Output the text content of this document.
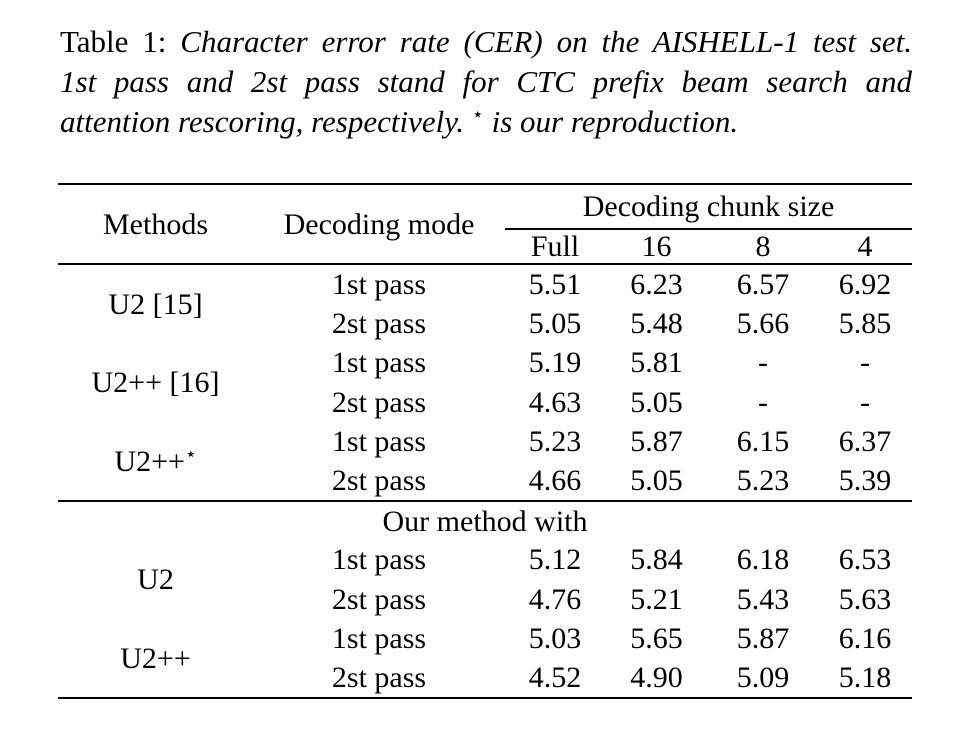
Table 1: Character error rate (CER) on the AISHELL-1 test set.
1st pass and 2st pass stand for CTC prefix beam search and
attention rescoring, respectively. ⋆ is our reproduction.
Methods	Decoding mode	Decoding chunk size			
		Full	16	8	4
U2 [15]	1st pass	5.51	6.23	6.57	6.92
	2st pass	5.05	5.48	5.66	5.85
U2++ [16]	1st pass	5.19	5.81	-	-
	2st pass	4.63	5.05	-	-
U2++⋆	1st pass	5.23	5.87	6.15	6.37
	2st pass	4.66	5.05	5.23	5.39
Our method with					
U2	1st pass	5.12	5.84	6.18	6.53
	2st pass	4.76	5.21	5.43	5.63
U2++	1st pass	5.03	5.65	5.87	6.16
	2st pass	4.52	4.90	5.09	5.18
